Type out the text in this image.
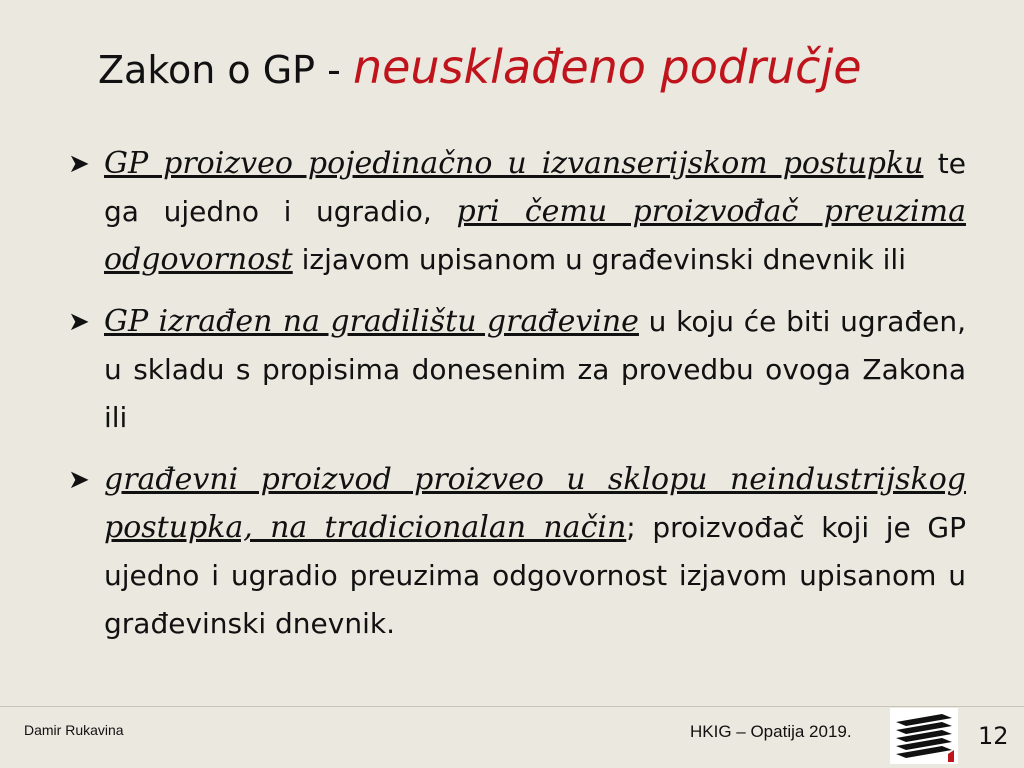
Zakon o GP - neusklađeno područje
➤ GP proizveo pojedinačno u izvanserijskom postupku te ga ujedno i ugradio, pri čemu proizvođač preuzima odgovornost izjavom upisanom u građevinski dnevnik ili
➤ GP izrađen na gradilištu građevine u koju će biti ugrađen, u skladu s propisima donesenim za provedbu ovoga Zakona ili
➤ građevni proizvod proizveo u sklopu neindustrijskog postupka, na tradicionalan način; proizvođač koji je GP ujedno i ugradio preuzima odgovornost izjavom upisanom u građevinski dnevnik.
Damir Rukavina	HKIG – Opatija 2019.	12
